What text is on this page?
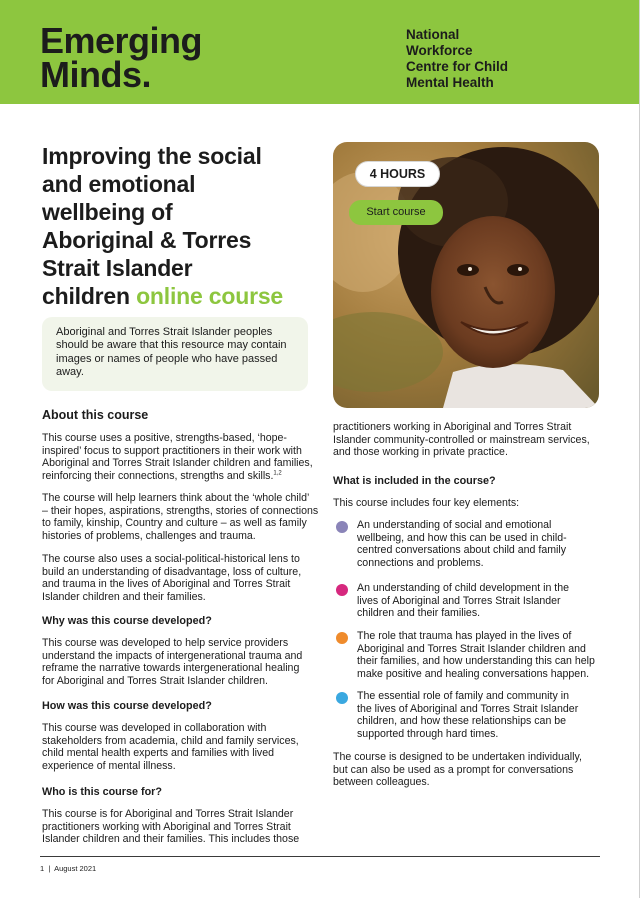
Emerging
Minds.
National
Workforce
Centre for Child
Mental Health
Improving the social
and emotional
wellbeing of
Aboriginal & Torres
Strait Islander
children online course
Aboriginal and Torres Strait Islander peoples
should be aware that this resource may contain
images or names of people who have passed
away.
4 HOURS
Start course
About this course
This course uses a positive, strengths-based, ‘hope-
inspired’ focus to support practitioners in their work with
Aboriginal and Torres Strait Islander children and families,
reinforcing their connections, strengths and skills.$^{1,2}$
The course will help learners think about the ‘whole child’
– their hopes, aspirations, strengths, stories of connections
to family, kinship, Country and culture – as well as family
histories of problems, challenges and trauma.
The course also uses a social-political-historical lens to
build an understanding of disadvantage, loss of culture,
and trauma in the lives of Aboriginal and Torres Strait
Islander children and their families.
Why was this course developed?
This course was developed to help service providers
understand the impacts of intergenerational trauma and
reframe the narrative towards intergenerational healing
for Aboriginal and Torres Strait Islander children.
How was this course developed?
This course was developed in collaboration with
stakeholders from academia, child and family services,
child mental health experts and families with lived
experience of mental illness.
Who is this course for?
This course is for Aboriginal and Torres Strait Islander
practitioners working with Aboriginal and Torres Strait
Islander children and their families. This includes those
practitioners working in Aboriginal and Torres Strait
Islander community-controlled or mainstream services,
and those working in private practice.
What is included in the course?
This course includes four key elements:
An understanding of social and emotional
wellbeing, and how this can be used in child-
centred conversations about child and family
connections and problems.
An understanding of child development in the
lives of Aboriginal and Torres Strait Islander
children and their families.
The role that trauma has played in the lives of
Aboriginal and Torres Strait Islander children and
their families, and how understanding this can help
make positive and healing conversations happen.
The essential role of family and community in
the lives of Aboriginal and Torres Strait Islander
children, and how these relationships can be
supported through hard times.
The course is designed to be undertaken individually,
but can also be used as a prompt for conversations
between colleagues.
1  |  August 2021
